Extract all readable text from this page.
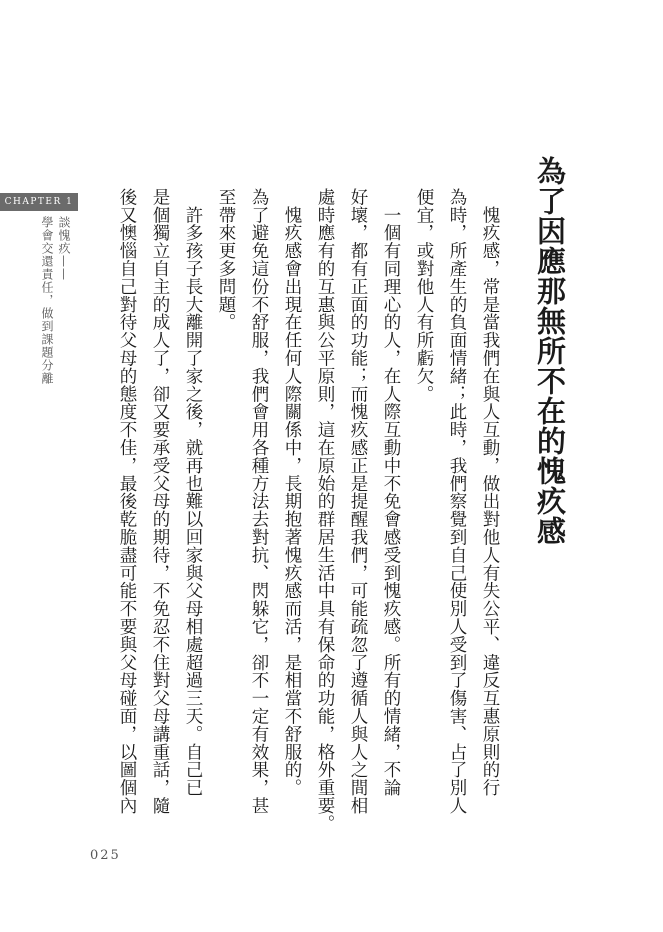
CHAPTER 1
談愧疚——
學會交還責任，做到課題分離	為了因應那無所不在的愧疚感
　愧疚感，常是當我們在與人互動，做出對他人有失公平、違反互惠原則的行
為時，所產生的負面情緒；此時，我們察覺到自己使別人受到了傷害、占了別人
便宜，或對他人有所虧欠。
　一個有同理心的人，在人際互動中不免會感受到愧疚感。所有的情緒，不論
好壞，都有正面的功能；而愧疚感正是提醒我們，可能疏忽了遵循人與人之間相
處時應有的互惠與公平原則，這在原始的群居生活中具有保命的功能，格外重要。
　愧疚感會出現在任何人際關係中，長期抱著愧疚感而活，是相當不舒服的。
為了避免這份不舒服，我們會用各種方法去對抗、閃躲它，卻不一定有效果，甚
至帶來更多問題。
　許多孩子長大離開了家之後，就再也難以回家與父母相處超過三天。自己已
是個獨立自主的成人了，卻又要承受父母的期待，不免忍不住對父母講重話，隨
後又懊惱自己對待父母的態度不佳，最後乾脆盡可能不要與父母碰面，以圖個內
025
